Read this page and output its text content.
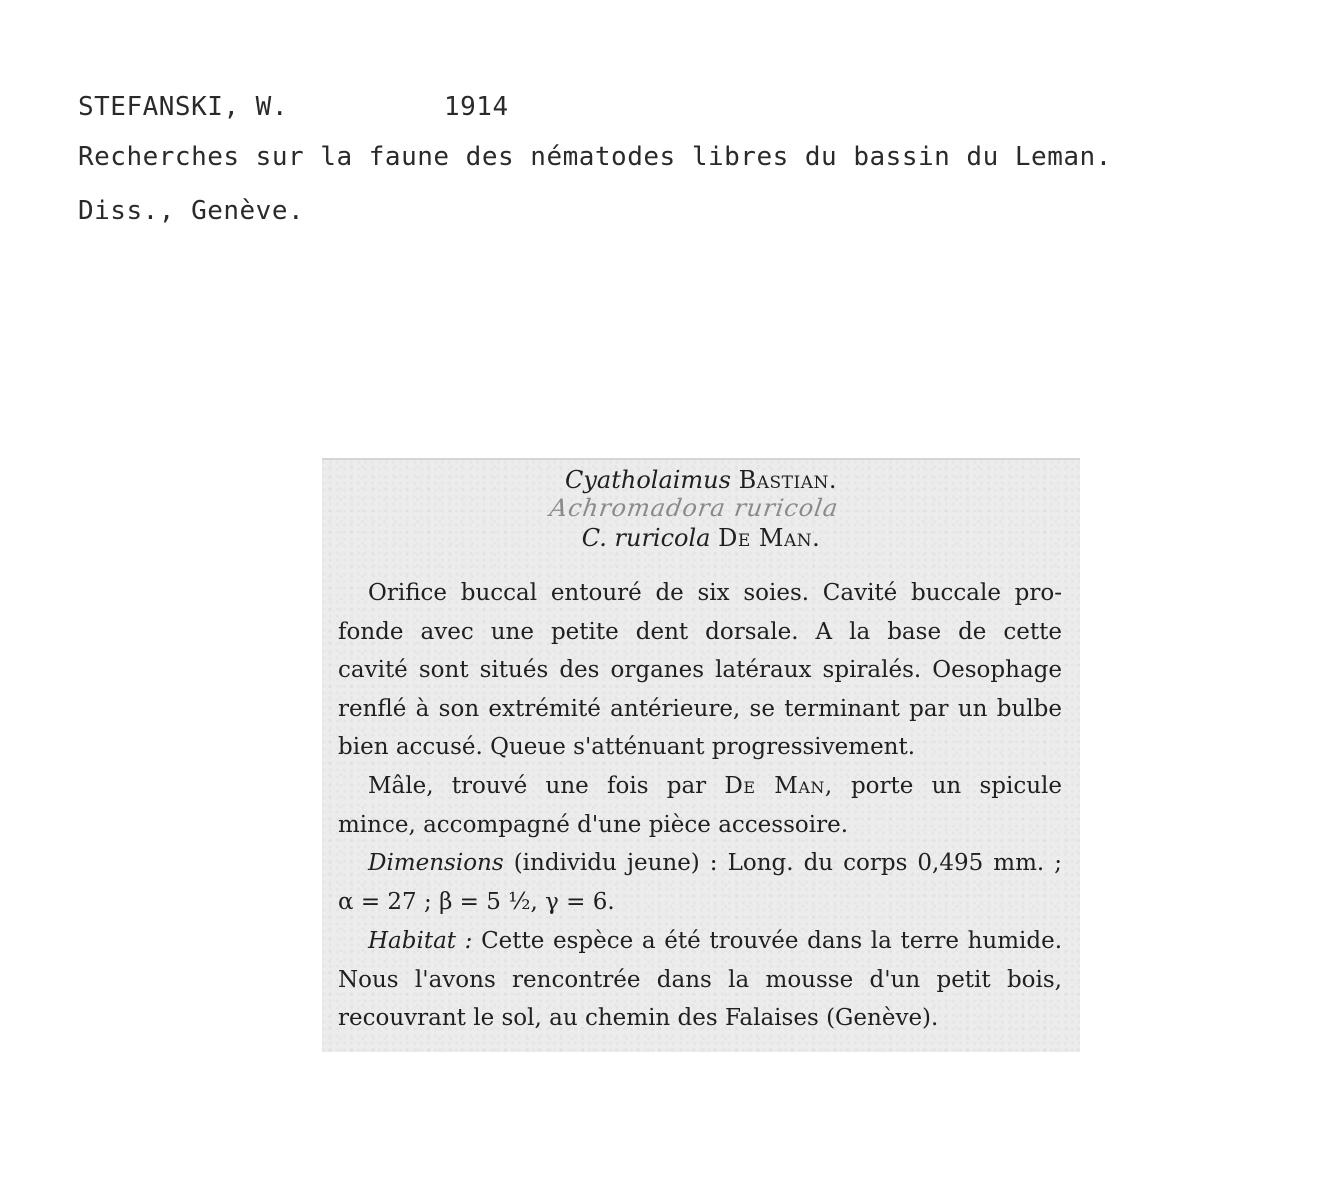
STEFANSKI, W.	1914
Recherches sur la faune des nématodes libres du bassin du Leman.
Diss., Genève.
Cyatholaimus Bastian.
Achromadora ruricola
C. ruricola De Man.
Orifice buccal entouré de six soies. Cavité buccale pro-
fonde avec une petite dent dorsale. A la base de cette
cavité sont situés des organes latéraux spiralés. Oesophage
renflé à son extrémité antérieure, se terminant par un bulbe
bien accusé. Queue s'atténuant progressivement.
Mâle, trouvé une fois par De Man, porte un spicule
mince, accompagné d'une pièce accessoire.
Dimensions (individu jeune) : Long. du corps 0,495 mm. ;
α = 27 ; β = 5 ½, γ = 6.
Habitat : Cette espèce a été trouvée dans la terre humide.
Nous l'avons rencontrée dans la mousse d'un petit bois,
recouvrant le sol, au chemin des Falaises (Genève).
